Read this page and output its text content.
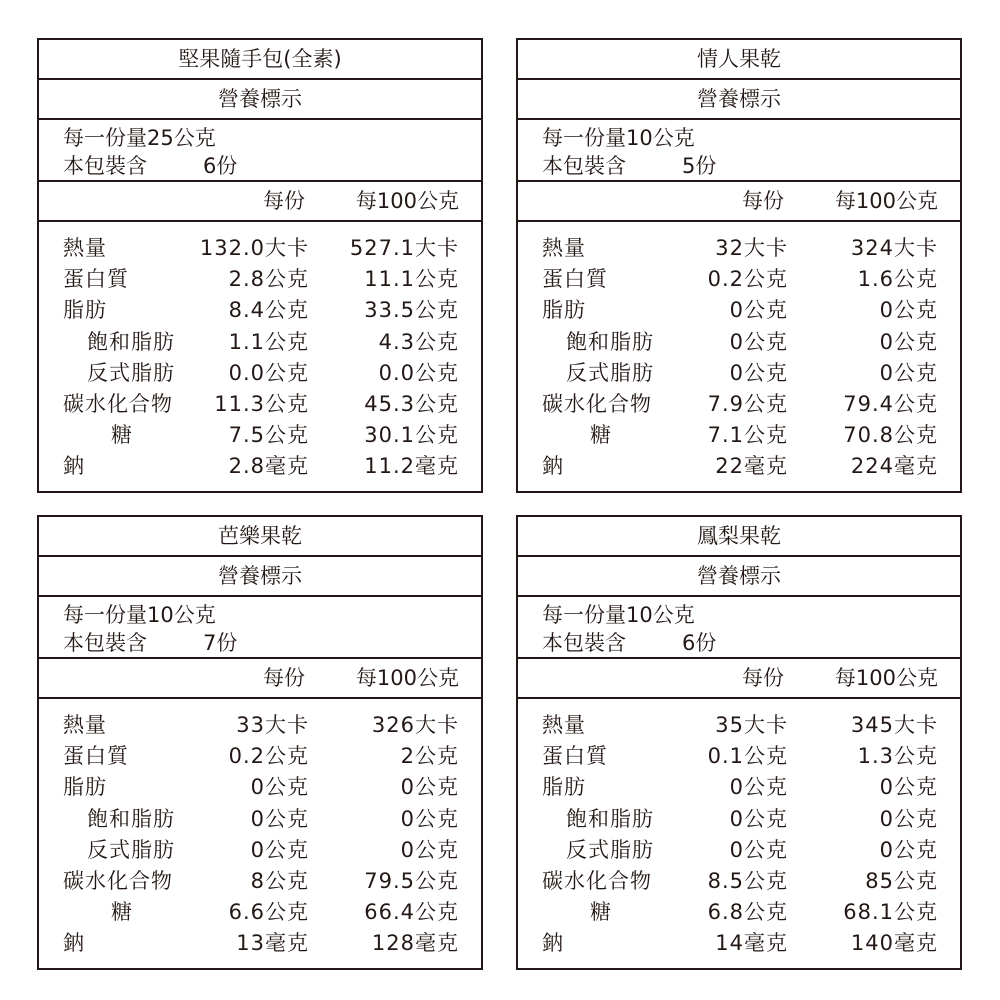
堅果隨手包(全素)
營養標示
每一份量25公克
本包裝含	6份
每份 每100公克
熱量	132.0大卡 527.1大卡
蛋白質	2.8公克	11.1公克
脂肪	8.4公克	33.5公克
飽和脂肪	1.1公克	4.3公克
反式脂肪	0.0公克	0.0公克
碳水化合物 11.3公克	45.3公克
糖	7.5公克	30.1公克
鈉	2.8毫克	11.2毫克
情人果乾
營養標示
每一份量10公克
本包裝含	5份
每份 每100公克
熱量	32大卡	324大卡
蛋白質	0.2公克	1.6公克
脂肪	0公克	0公克
飽和脂肪	0公克	0公克
反式脂肪	0公克	0公克
碳水化合物	7.9公克	79.4公克
糖	7.1公克	70.8公克
鈉	22毫克	224毫克
芭樂果乾
營養標示
每一份量10公克
本包裝含	7份
每份 每100公克
熱量	33大卡	326大卡
蛋白質	0.2公克	2公克
脂肪	0公克	0公克
飽和脂肪	0公克	0公克
反式脂肪	0公克	0公克
碳水化合物	8公克	79.5公克
糖	6.6公克	66.4公克
鈉	13毫克	128毫克
鳳梨果乾
營養標示
每一份量10公克
本包裝含	6份
每份 每100公克
熱量	35大卡	345大卡
蛋白質	0.1公克	1.3公克
脂肪	0公克	0公克
飽和脂肪	0公克	0公克
反式脂肪	0公克	0公克
碳水化合物	8.5公克	85公克
糖	6.8公克	68.1公克
鈉	14毫克	140毫克
